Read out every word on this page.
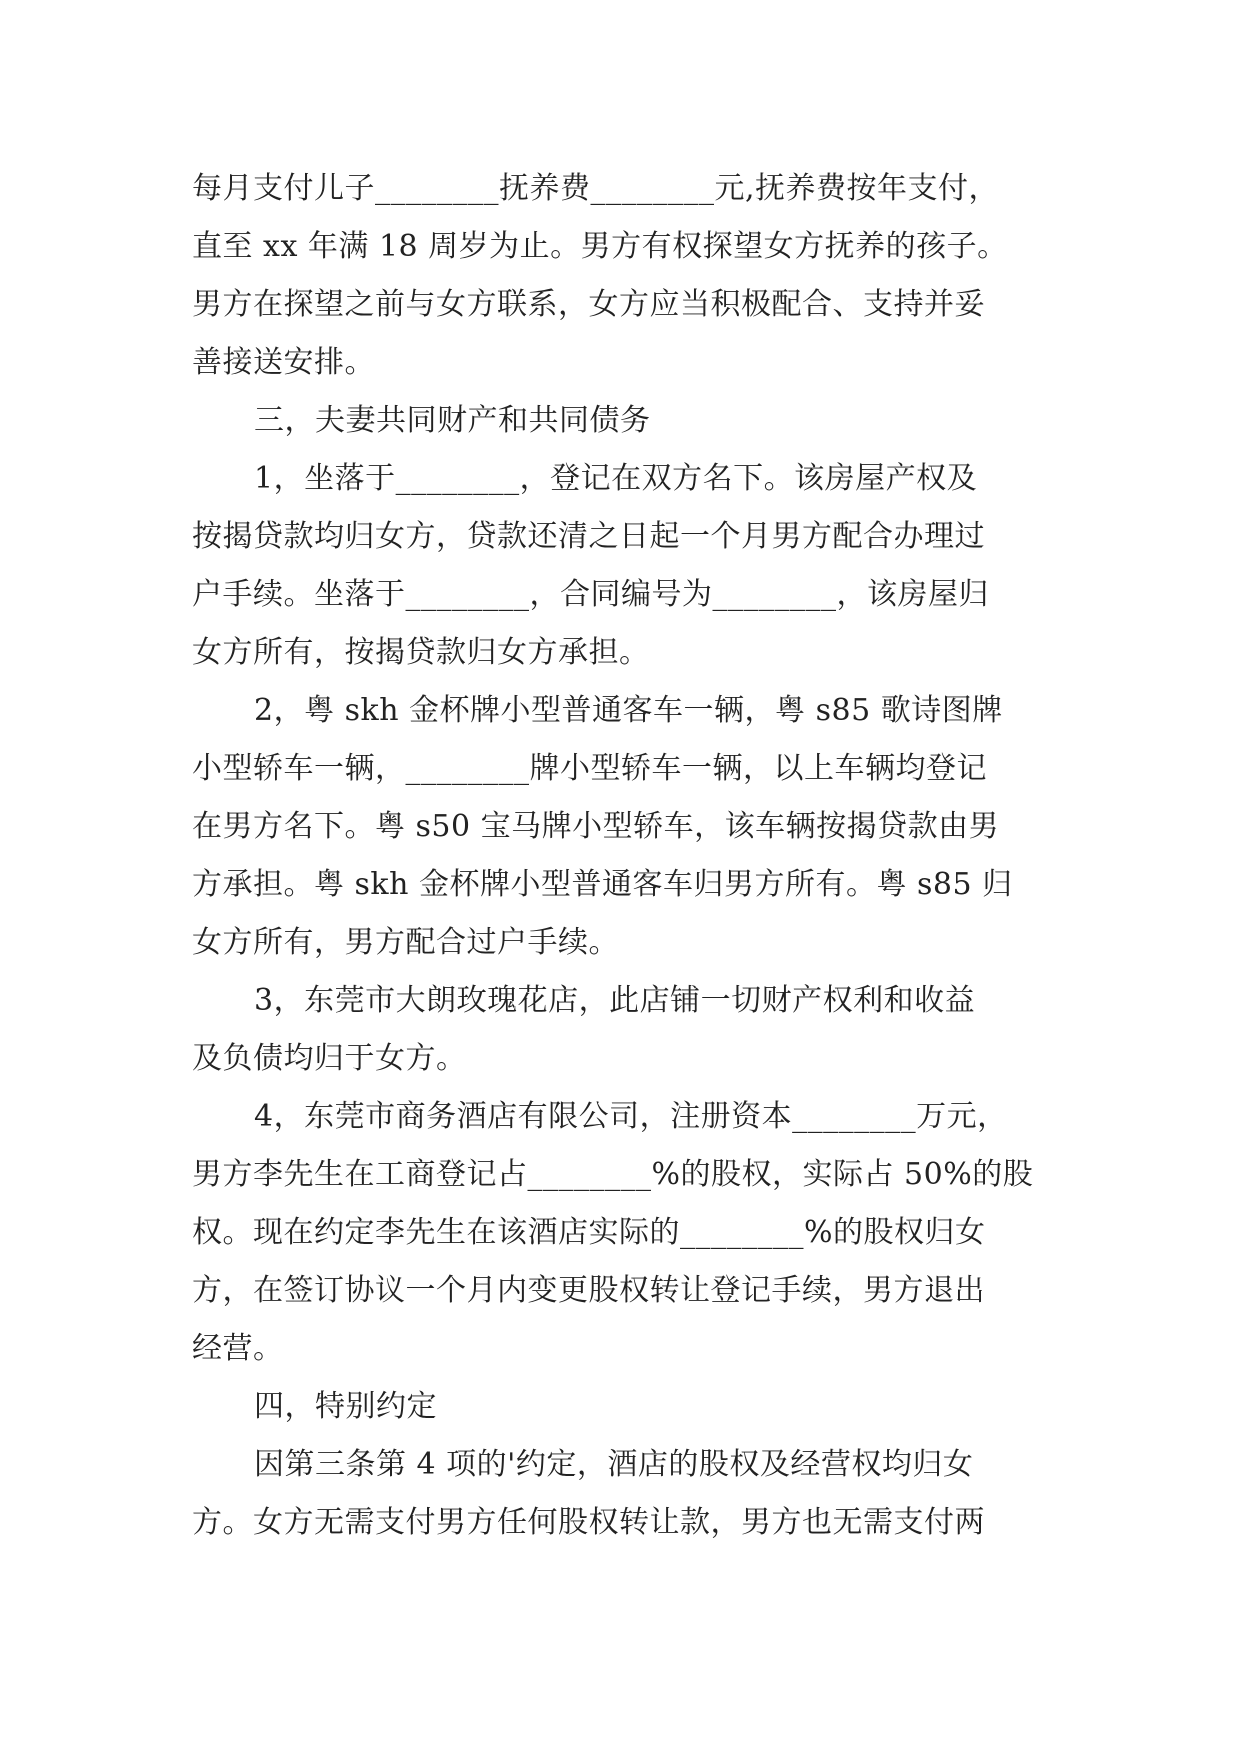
每月支付儿子________抚养费________元,抚养费按年支付，
直至 xx 年满 18 周岁为止。男方有权探望女方抚养的孩子。
男方在探望之前与女方联系，女方应当积极配合、支持并妥
善接送安排。
三，夫妻共同财产和共同债务
1，坐落于________，登记在双方名下。该房屋产权及
按揭贷款均归女方，贷款还清之日起一个月男方配合办理过
户手续。坐落于________，合同编号为________，该房屋归
女方所有，按揭贷款归女方承担。
2，粤 skh 金杯牌小型普通客车一辆，粤 s85 歌诗图牌
小型轿车一辆，________牌小型轿车一辆，以上车辆均登记
在男方名下。粤 s50 宝马牌小型轿车，该车辆按揭贷款由男
方承担。粤 skh 金杯牌小型普通客车归男方所有。粤 s85 归
女方所有，男方配合过户手续。
3，东莞市大朗玫瑰花店，此店铺一切财产权利和收益
及负债均归于女方。
4，东莞市商务酒店有限公司，注册资本________万元，
男方李先生在工商登记占________%的股权，实际占 50%的股
权。现在约定李先生在该酒店实际的________%的股权归女
方，在签订协议一个月内变更股权转让登记手续，男方退出
经营。
四，特别约定
因第三条第 4 项的'约定，酒店的股权及经营权均归女
方。女方无需支付男方任何股权转让款，男方也无需支付两
